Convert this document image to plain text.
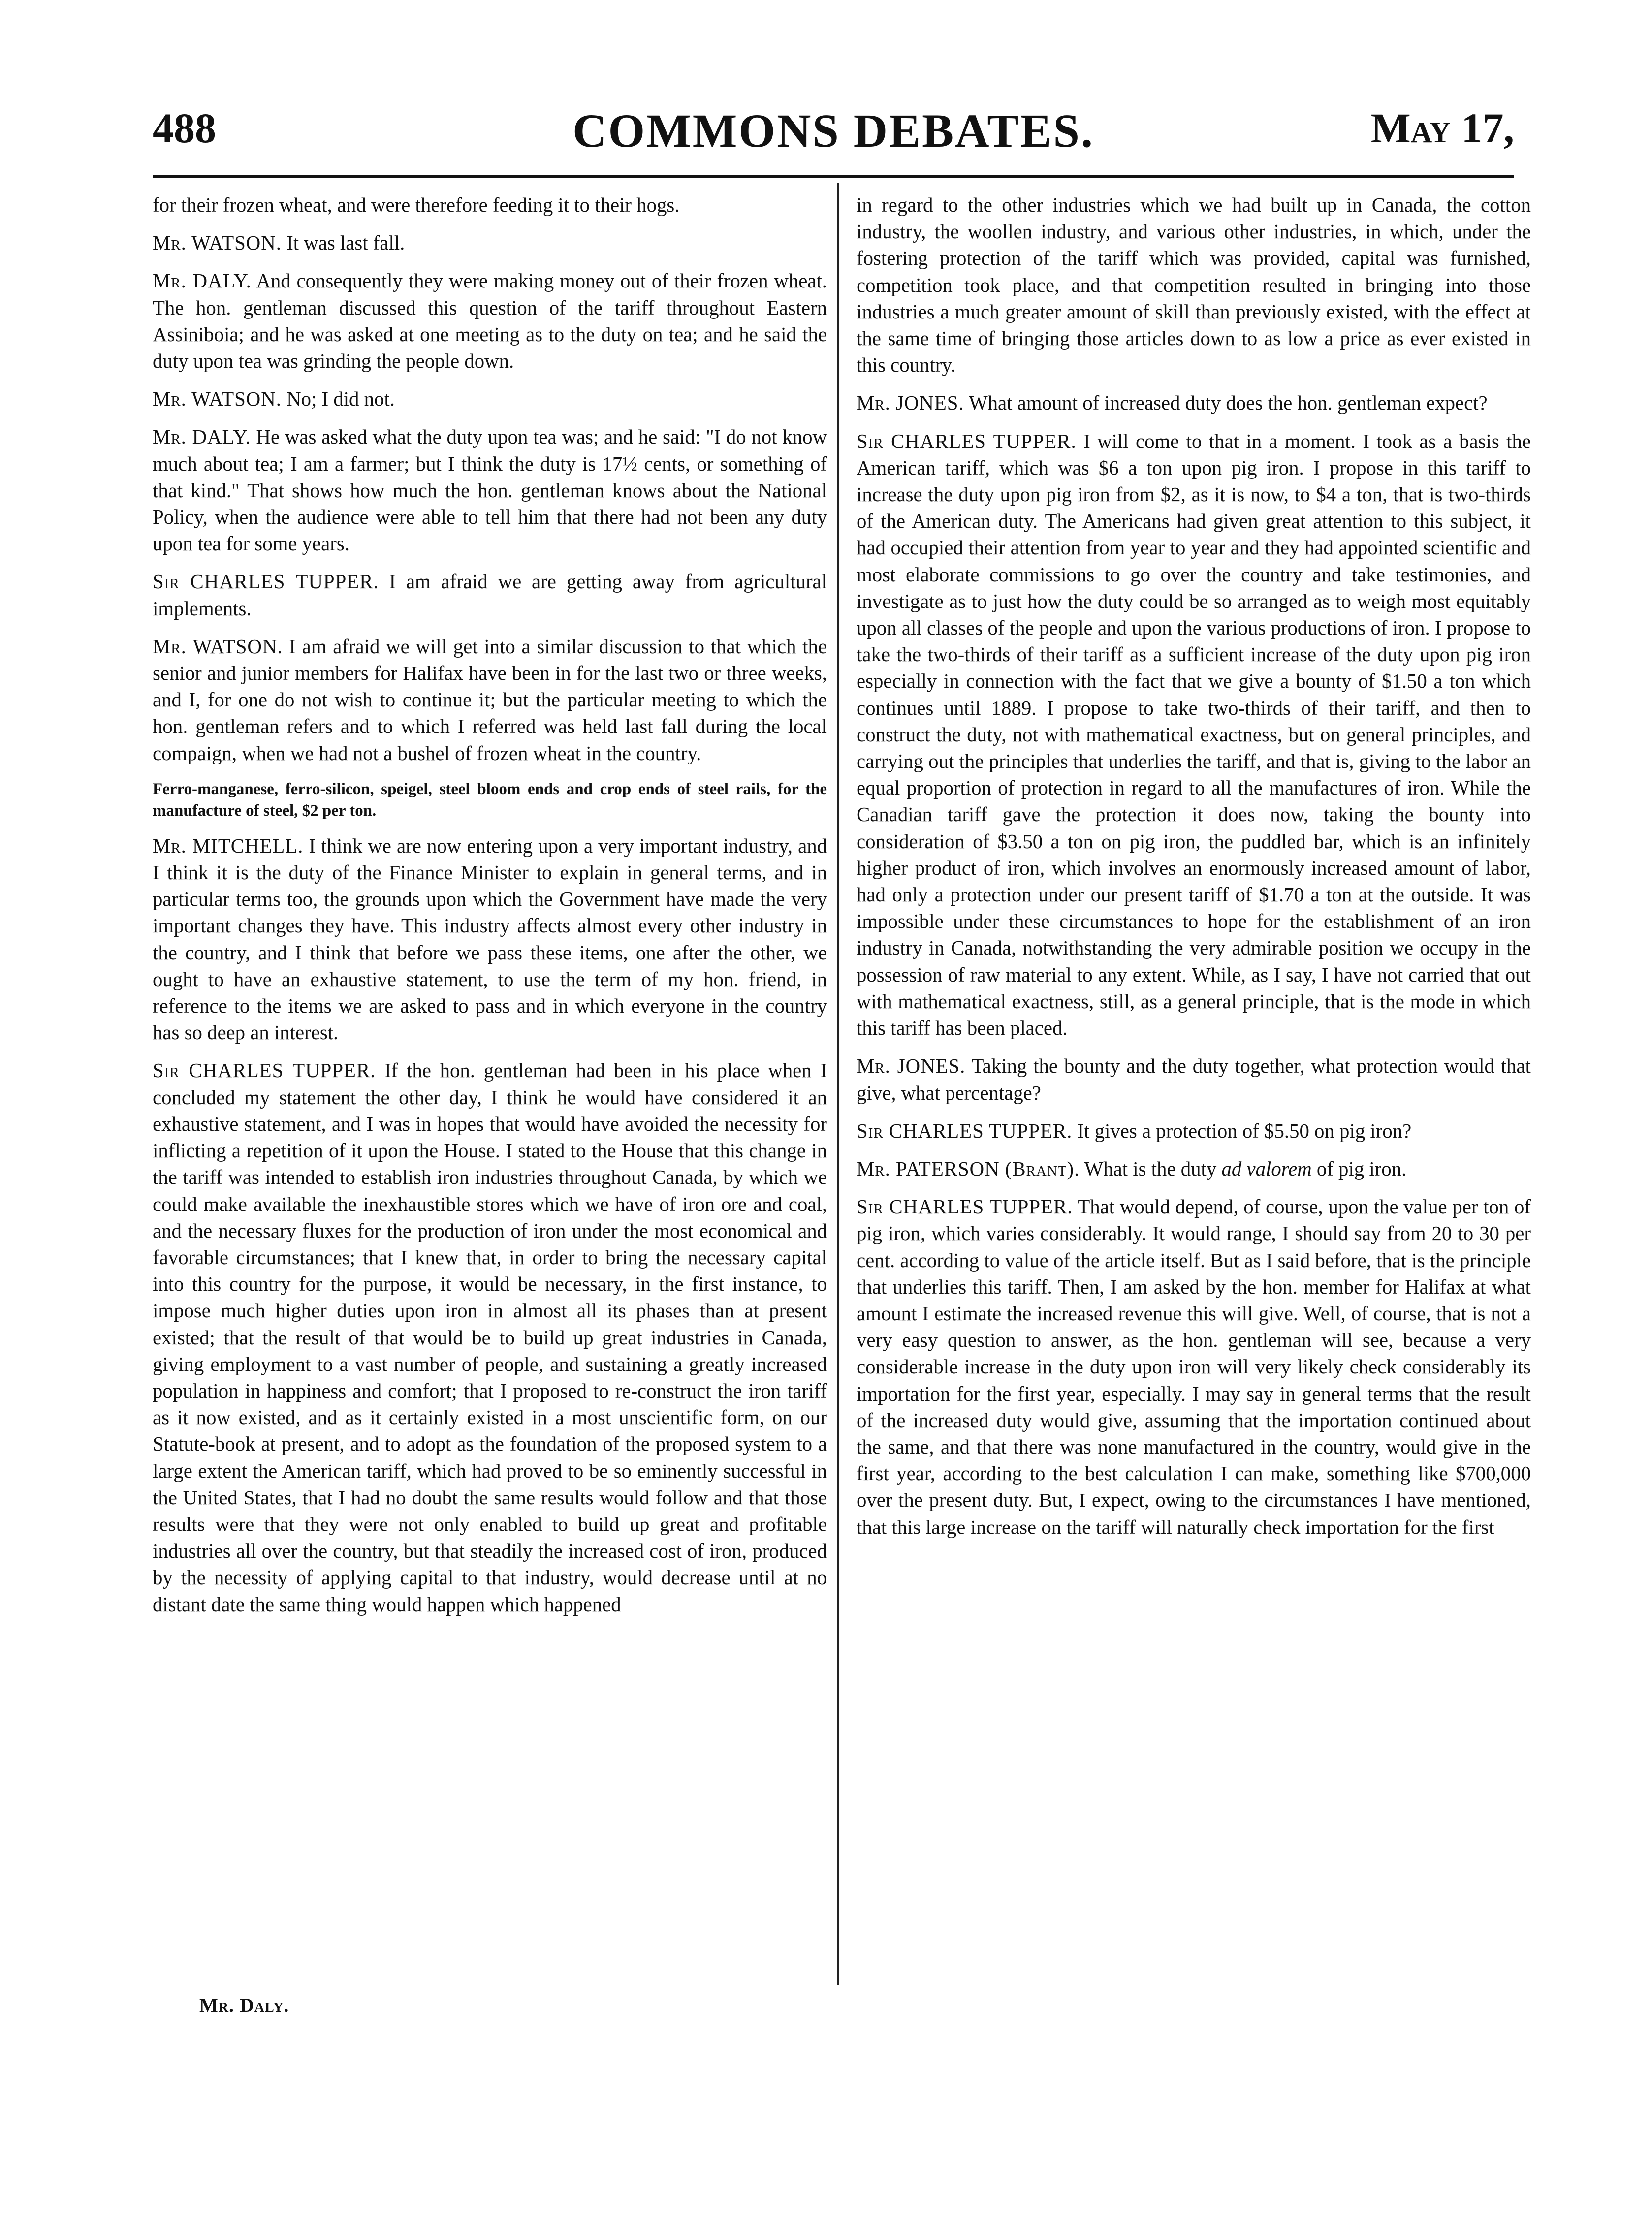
488	COMMONS DEBATES.	May 17,

for their frozen wheat, and were therefore feeding it to their hogs.

Mr. WATSON. It was last fall.

Mr. DALY. And consequently they were making money out of their frozen wheat. The hon. gentleman discussed this question of the tariff throughout Eastern Assiniboia; and he was asked at one meeting as to the duty on tea; and he said the duty upon tea was grinding the people down.

Mr. WATSON. No; I did not.

Mr. DALY. He was asked what the duty upon tea was; and he said: "I do not know much about tea; I am a farmer; but I think the duty is 17½ cents, or something of that kind." That shows how much the hon. gentleman knows about the National Policy, when the audience were able to tell him that there had not been any duty upon tea for some years.

Sir CHARLES TUPPER. I am afraid we are getting away from agricultural implements.

Mr. WATSON. I am afraid we will get into a similar discussion to that which the senior and junior members for Halifax have been in for the last two or three weeks, and I, for one do not wish to continue it; but the particular meeting to which the hon. gentleman refers and to which I referred was held last fall during the local compaign, when we had not a bushel of frozen wheat in the country.

Ferro-manganese, ferro-silicon, speigel, steel bloom ends and crop ends of steel rails, for the manufacture of steel, $2 per ton.

Mr. MITCHELL. I think we are now entering upon a very important industry, and I think it is the duty of the Finance Minister to explain in general terms, and in particular terms too, the grounds upon which the Government have made the very important changes they have. This industry affects almost every other industry in the country, and I think that before we pass these items, one after the other, we ought to have an exhaustive statement, to use the term of my hon. friend, in reference to the items we are asked to pass and in which everyone in the country has so deep an interest.

Sir CHARLES TUPPER. If the hon. gentleman had been in his place when I concluded my statement the other day, I think he would have considered it an exhaustive statement, and I was in hopes that would have avoided the necessity for inflicting a repetition of it upon the House. I stated to the House that this change in the tariff was intended to establish iron industries throughout Canada, by which we could make available the inexhaustible stores which we have of iron ore and coal, and the necessary fluxes for the production of iron under the most economical and favorable circumstances; that I knew that, in order to bring the necessary capital into this country for the purpose, it would be necessary, in the first instance, to impose much higher duties upon iron in almost all its phases than at present existed; that the result of that would be to build up great industries in Canada, giving employment to a vast number of people, and sustaining a greatly increased population in happiness and comfort; that I proposed to re-construct the iron tariff as it now existed, and as it certainly existed in a most unscientific form, on our Statute-book at present, and to adopt as the foundation of the proposed system to a large extent the American tariff, which had proved to be so eminently successful in the United States, that I had no doubt the same results would follow and that those results were that they were not only enabled to build up great and profitable industries all over the country, but that steadily the increased cost of iron, produced by the necessity of applying capital to that industry, would decrease until at no distant date the same thing would happen which happened

in regard to the other industries which we had built up in Canada, the cotton industry, the woollen industry, and various other industries, in which, under the fostering protection of the tariff which was provided, capital was furnished, competition took place, and that competition resulted in bringing into those industries a much greater amount of skill than previously existed, with the effect at the same time of bringing those articles down to as low a price as ever existed in this country.

Mr. JONES. What amount of increased duty does the hon. gentleman expect?

Sir CHARLES TUPPER. I will come to that in a moment. I took as a basis the American tariff, which was $6 a ton upon pig iron. I propose in this tariff to increase the duty upon pig iron from $2, as it is now, to $4 a ton, that is two-thirds of the American duty. The Americans had given great attention to this subject, it had occupied their attention from year to year and they had appointed scientific and most elaborate commissions to go over the country and take testimonies, and investigate as to just how the duty could be so arranged as to weigh most equitably upon all classes of the people and upon the various productions of iron. I propose to take the two-thirds of their tariff as a sufficient increase of the duty upon pig iron especially in connection with the fact that we give a bounty of $1.50 a ton which continues until 1889. I propose to take two-thirds of their tariff, and then to construct the duty, not with mathematical exactness, but on general principles, and carrying out the principles that underlies the tariff, and that is, giving to the labor an equal proportion of protection in regard to all the manufactures of iron. While the Canadian tariff gave the protection it does now, taking the bounty into consideration of $3.50 a ton on pig iron, the puddled bar, which is an infinitely higher product of iron, which involves an enormously increased amount of labor, had only a protection under our present tariff of $1.70 a ton at the outside. It was impossible under these circumstances to hope for the establishment of an iron industry in Canada, notwithstanding the very admirable position we occupy in the possession of raw material to any extent. While, as I say, I have not carried that out with mathematical exactness, still, as a general principle, that is the mode in which this tariff has been placed.

Mr. JONES. Taking the bounty and the duty together, what protection would that give, what percentage?

Sir CHARLES TUPPER. It gives a protection of $5.50 on pig iron?

Mr. PATERSON (Brant). What is the duty ad valorem of pig iron.

Sir CHARLES TUPPER. That would depend, of course, upon the value per ton of pig iron, which varies considerably. It would range, I should say from 20 to 30 per cent. according to value of the article itself. But as I said before, that is the principle that underlies this tariff. Then, I am asked by the hon. member for Halifax at what amount I estimate the increased revenue this will give. Well, of course, that is not a very easy question to answer, as the hon. gentleman will see, because a very considerable increase in the duty upon iron will very likely check considerably its importation for the first year, especially. I may say in general terms that the result of the increased duty would give, assuming that the importation continued about the same, and that there was none manufactured in the country, would give in the first year, according to the best calculation I can make, something like $700,000 over the present duty. But, I expect, owing to the circumstances I have mentioned, that this large increase on the tariff will naturally check importation for the first

Mr. Daly.
